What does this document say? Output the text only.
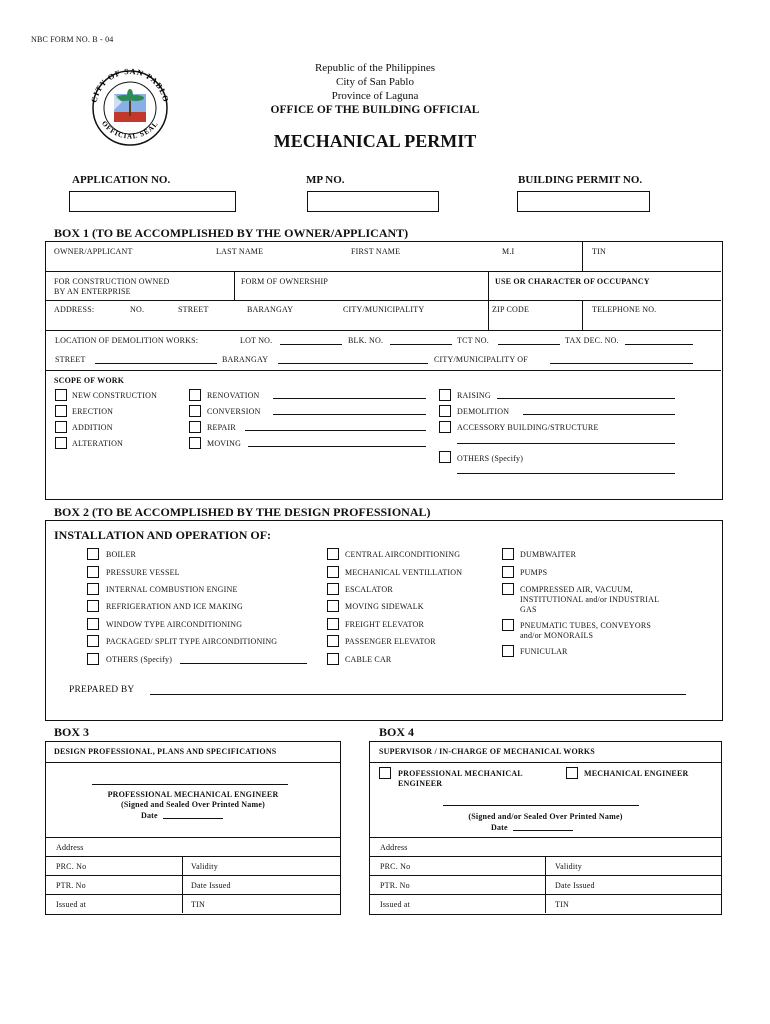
NBC FORM NO. B - 04
CITY OF SAN PABLO
OFFICIAL SEAL
Republic of the Philippines
City of San Pablo
Province of Laguna
OFFICE OF THE BUILDING OFFICIAL
MECHANICAL PERMIT
APPLICATION NO.	MP NO.	BUILDING PERMIT NO.
BOX 1 (TO BE ACCOMPLISHED BY THE OWNER/APPLICANT)
OWNER/APPLICANT	LAST NAME	FIRST NAME	M.I	TIN
FOR CONSTRUCTION OWNED
BY AN ENTERPRISE
FORM OF OWNERSHIP	USE OR CHARACTER OF OCCUPANCY
ADDRESS:	NO.	STREET	BARANGAY	CITY/MUNICIPALITY	ZIP CODE	TELEPHONE NO.
LOCATION OF DEMOLITION WORKS:	LOT NO.	BLK. NO.	TCT NO.	TAX DEC. NO.
STREET	BARANGAY	CITY/MUNICIPALITY OF
SCOPE OF WORK
NEW CONSTRUCTION
ERECTION
ADDITION
ALTERATION
RENOVATION
CONVERSION
REPAIR
MOVING
RAISING
DEMOLITION
ACCESSORY BUILDING/STRUCTURE
OTHERS (Specify)
BOX 2 (TO BE ACCOMPLISHED BY THE DESIGN PROFESSIONAL)
INSTALLATION AND OPERATION OF:
BOILER
PRESSURE VESSEL
INTERNAL COMBUSTION ENGINE
REFRIGERATION AND ICE MAKING
WINDOW TYPE AIRCONDITIONING
PACKAGED/ SPLIT TYPE AIRCONDITIONING
OTHERS (Specify)
CENTRAL AIRCONDITIONING
MECHANICAL VENTILLATION
ESCALATOR
MOVING SIDEWALK
FREIGHT ELEVATOR
PASSENGER ELEVATOR
CABLE CAR
DUMBWAITER
PUMPS
COMPRESSED AIR, VACUUM,
INSTITUTIONAL and/or INDUSTRIAL
GAS
PNEUMATIC TUBES, CONVEYORS
and/or MONORAILS
FUNICULAR
PREPARED BY
BOX 3
DESIGN PROFESSIONAL, PLANS AND SPECIFICATIONS
PROFESSIONAL MECHANICAL ENGINEER
(Signed and Sealed Over Printed Name)
Date
Address
PRC. No	Validity
PTR. No	Date Issued
Issued at	TIN
BOX 4
SUPERVISOR / IN-CHARGE OF MECHANICAL WORKS
PROFESSIONAL MECHANICAL
ENGINEER
MECHANICAL ENGINEER
(Signed and/or Sealed Over Printed Name)
Date
Address
PRC. No	Validity
PTR. No	Date Issued
Issued at	TIN
